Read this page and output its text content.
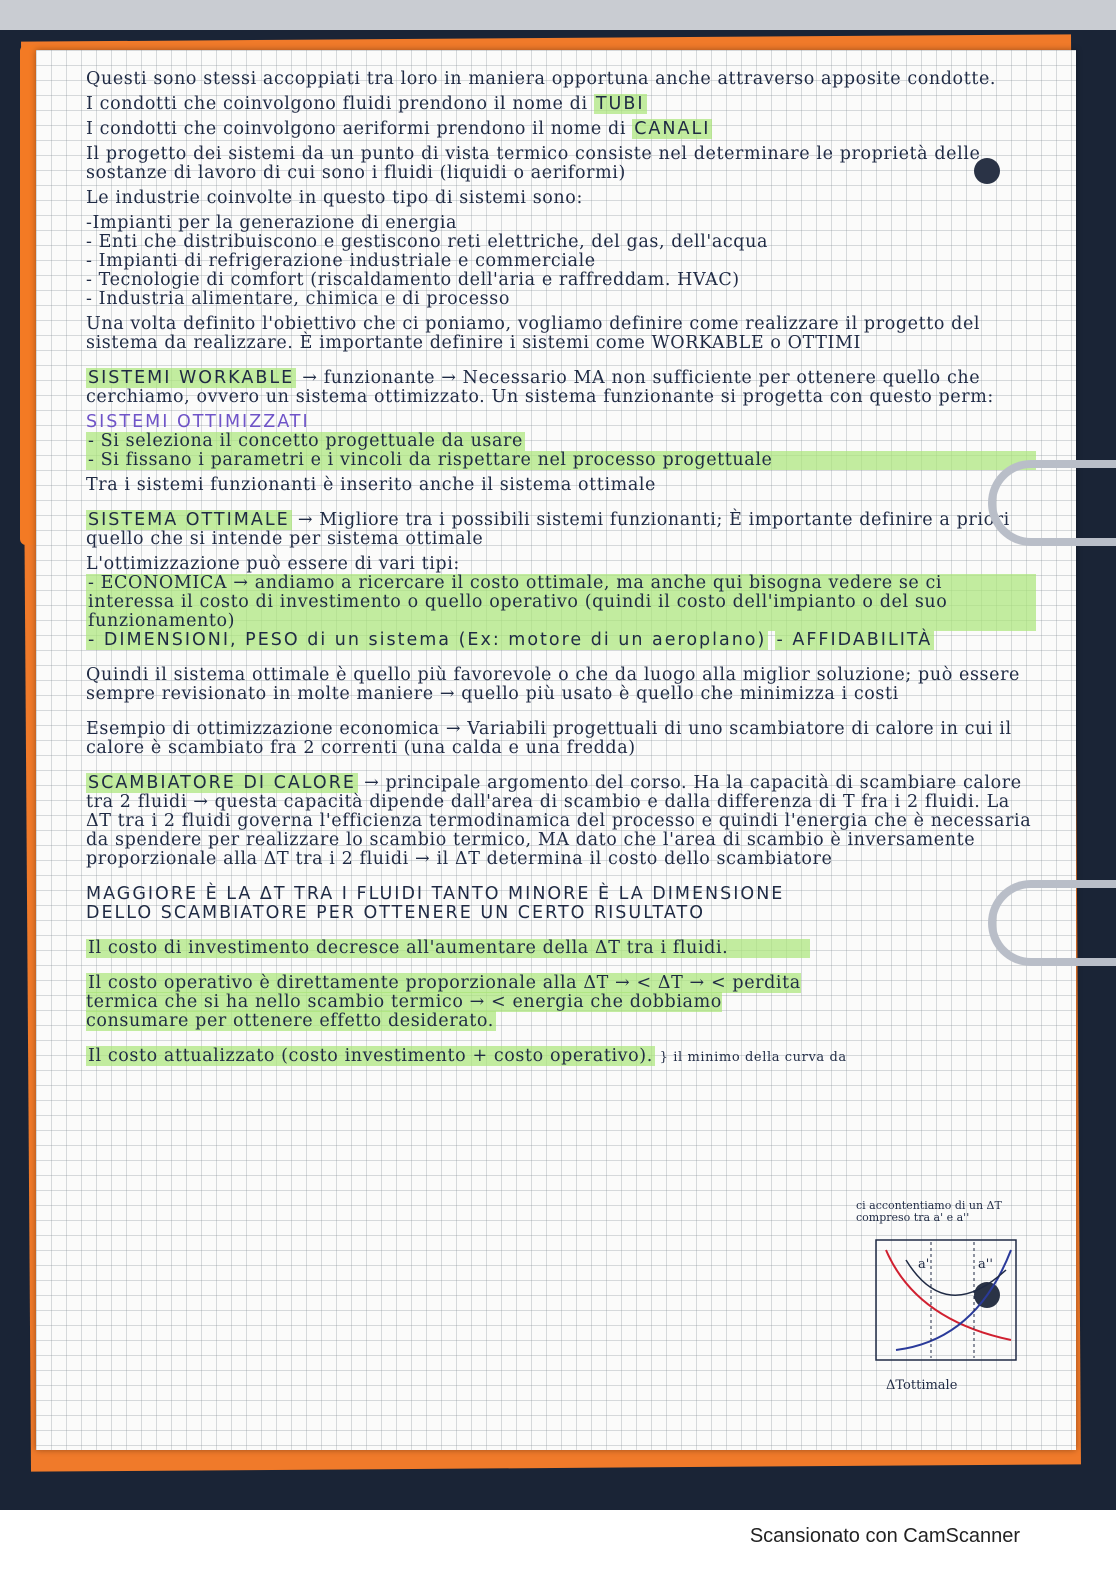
Questi sono stessi accoppiati tra loro in maniera opportuna anche attraverso apposite condotte.

I condotti che coinvolgono fluidi prendono il nome di TUBI

I condotti che coinvolgono aeriformi prendono il nome di CANALI

Il progetto dei sistemi da un punto di vista termico consiste nel determinare le proprietà delle sostanze di lavoro di cui sono i fluidi (liquidi o aeriformi)

Le industrie coinvolte in questo tipo di sistemi sono:

-Impianti per la generazione di energia

- Enti che distribuiscono e gestiscono reti elettriche, del gas, dell'acqua

- Impianti di refrigerazione industriale e commerciale

- Tecnologie di comfort (riscaldamento dell'aria e raffreddam. HVAC)

- Industria alimentare, chimica e di processo

Una volta definito l'obiettivo che ci poniamo, vogliamo definire come realizzare il progetto del sistema da realizzare. È importante definire i sistemi come WORKABLE o OTTIMI

SISTEMI WORKABLE → funzionante → Necessario MA non sufficiente per ottenere quello che cerchiamo, ovvero un sistema ottimizzato. Un sistema funzionante si progetta con questo perm:

SISTEMI OTTIMIZZATI

- Si seleziona il concetto progettuale da usare

- Si fissano i parametri e i vincoli da rispettare nel processo progettuale

Tra i sistemi funzionanti è inserito anche il sistema ottimale

SISTEMA OTTIMALE → Migliore tra i possibili sistemi funzionanti; È importante definire a priori quello che si intende per sistema ottimale

L'ottimizzazione può essere di vari tipi:

- ECONOMICA → andiamo a ricercare il costo ottimale, ma anche qui bisogna vedere se ci interessa il costo di investimento o quello operativo (quindi il costo dell'impianto o del suo funzionamento)

- DIMENSIONI, PESO di un sistema (Ex: motore di un aeroplano)

- AFFIDABILITÀ

Quindi il sistema ottimale è quello più favorevole o che da luogo alla miglior soluzione; può essere sempre revisionato in molte maniere → quello più usato è quello che minimizza i costi

Esempio di ottimizzazione economica → Variabili progettuali di uno scambiatore di calore in cui il calore è scambiato fra 2 correnti (una calda e una fredda)

SCAMBIATORE DI CALORE → principale argomento del corso. Ha la capacità di scambiare calore tra 2 fluidi → questa capacità dipende dall'area di scambio e dalla differenza di T fra i 2 fluidi. La ΔT tra i 2 fluidi governa l'efficienza termodinamica del processo e quindi l'energia che è necessaria da spendere per realizzare lo scambio termico, MA dato che l'area di scambio è inversamente proporzionale alla ΔT tra i 2 fluidi → il ΔT determina il costo dello scambiatore

MAGGIORE È LA ΔT TRA I FLUIDI TANTO MINORE È LA DIMENSIONE DELLO SCAMBIATORE PER OTTENERE UN CERTO RISULTATO

Il costo di investimento decresce all'aumentare della ΔT tra i fluidi.

Il costo operativo è direttamente proporzionale alla ΔT → < ΔT → < perdita termica che si ha nello scambio termico → < energia che dobbiamo consumare per ottenere effetto desiderato.

Il costo attualizzato (costo investimento + costo operativo). } il minimo della curva da

ci accontentiamo di un ΔT compreso tra a' e a''
a'	a''
ΔTottimale
Scansionato con CamScanner
